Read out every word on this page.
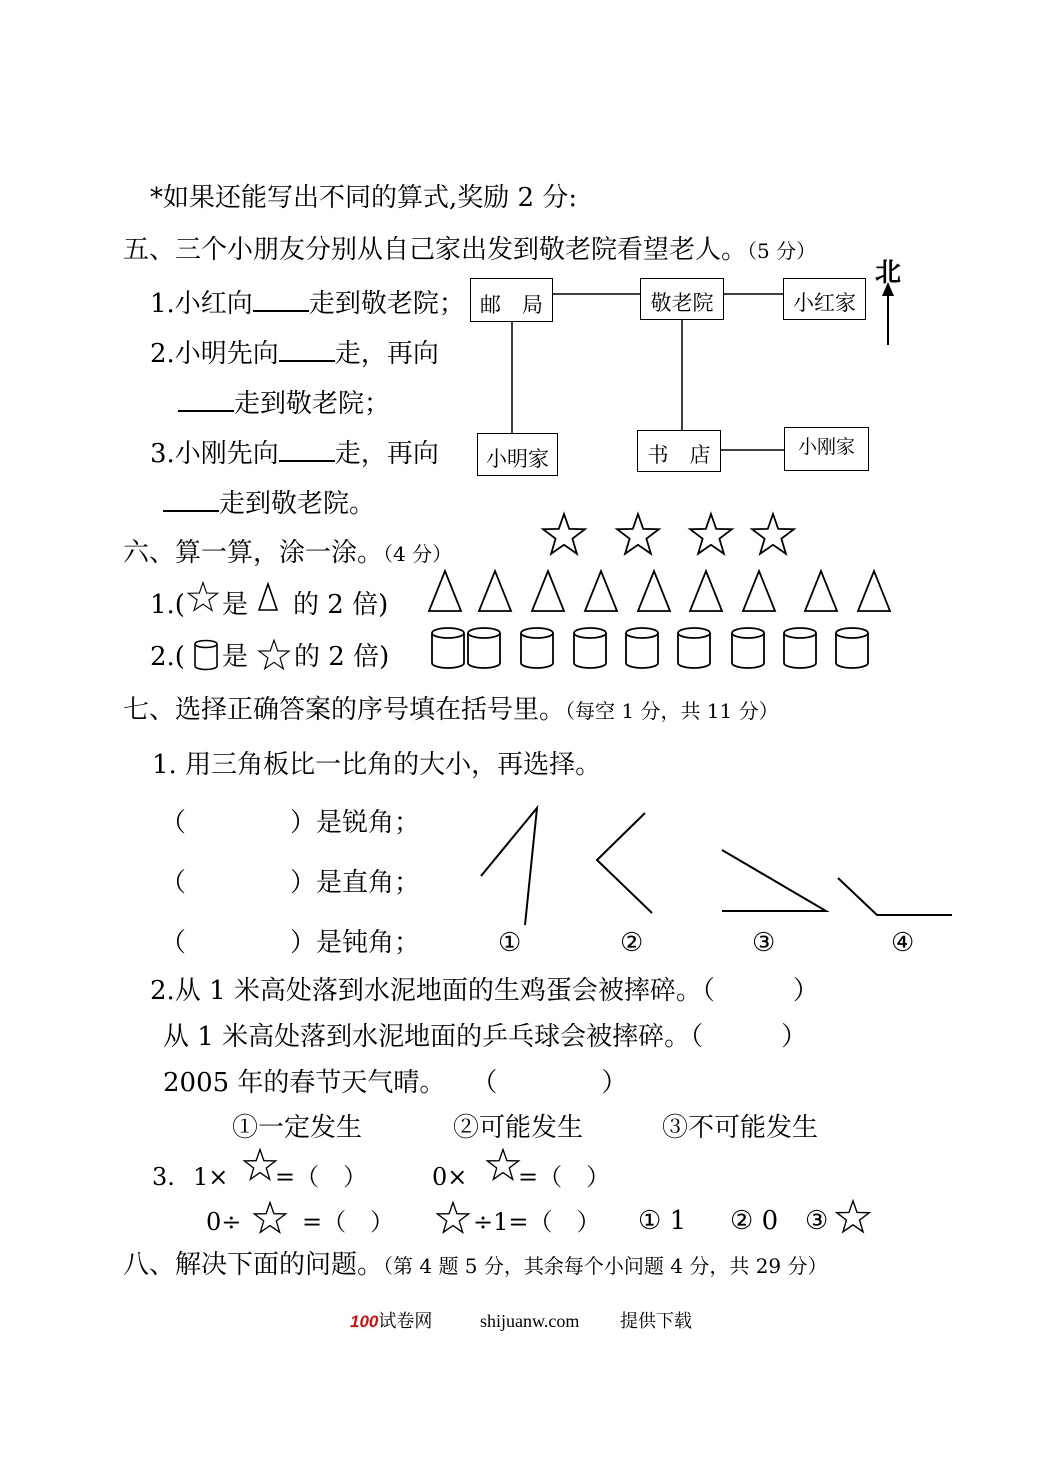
*如果还能写出不同的算式,奖励 2 分:
五、三个小朋友分别从自己家出发到敬老院看望老人。（5 分）
1.小红向 走到敬老院；
2.小明先向 走，再向
走到敬老院；
3.小刚先向 走，再向
走到敬老院。
邮　局	敬老院	小红家
小明家	书　店	小刚家
北
六、算一算，涂一涂。（4 分）
1.( 是 的 2 倍)
2.( 是 的 2 倍)
七、选择正确答案的序号填在括号里。（每空 1 分，共 11 分）
1. 用三角板比一比角的大小，再选择。
（　　　　）是锐角；
（　　　　）是直角；
（　　　　）是钝角；	①	②	③	④
2.从 1 米高处落到水泥地面的生鸡蛋会被摔碎。（　　　）
从 1 米高处落到水泥地面的乒乓球会被摔碎。（　　　）
2005 年的春节天气晴。　　（　　　　）
①一定发生	②可能发生	③不可能发生
3. 1× =（　）	0× =（　）
0÷	=（　）	÷1=（　） ① 1 ② 0 ③
八、解决下面的问题。（第 4 题 5 分，其余每个小问题 4 分，共 29 分）
100试卷网	shijuanw.com 提供下载
